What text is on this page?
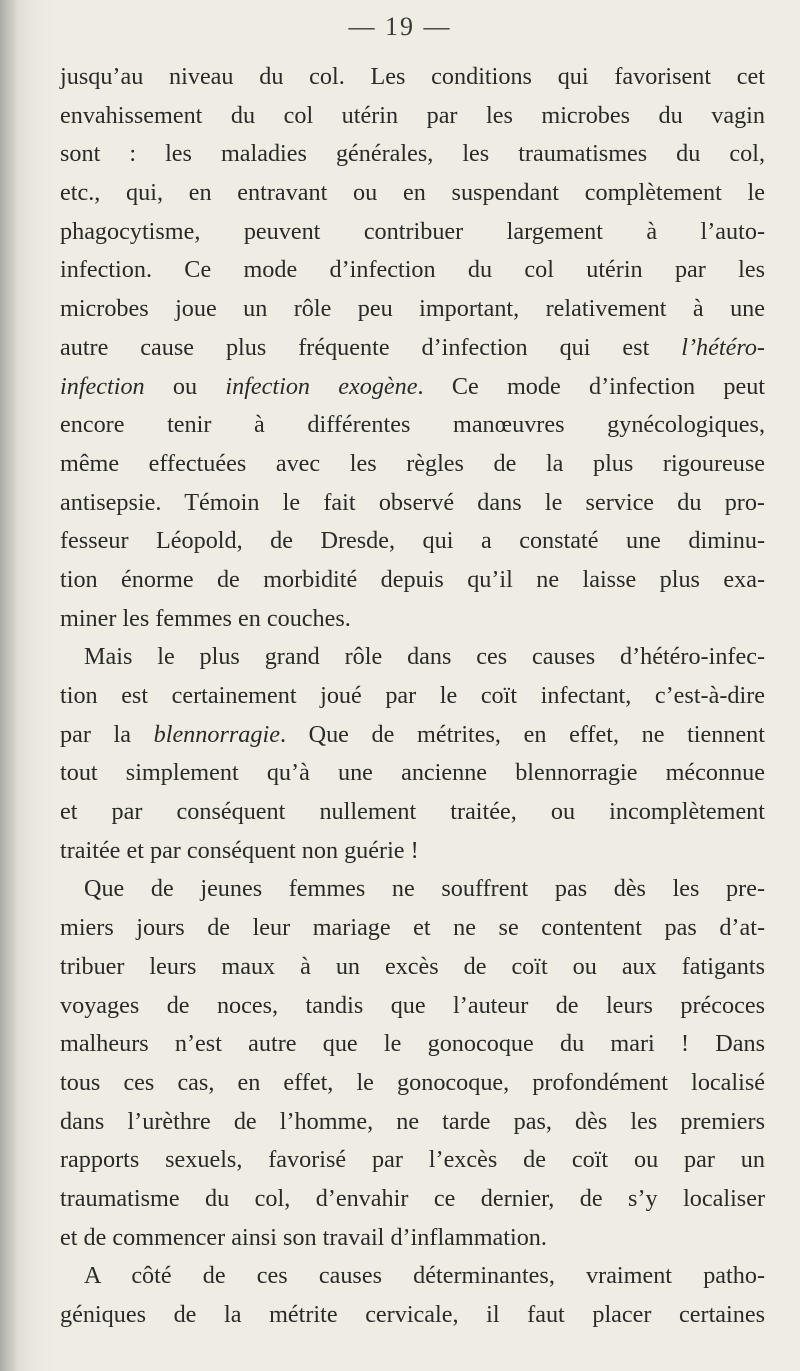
— 19 —
jusqu’au niveau du col. Les conditions qui favorisent cet
envahissement du col utérin par les microbes du vagin
sont : les maladies générales, les traumatismes du col,
etc., qui, en entravant ou en suspendant complètement le
phagocytisme, peuvent contribuer largement à l’auto-
infection. Ce mode d’infection du col utérin par les
microbes joue un rôle peu important, relativement à une
autre cause plus fréquente d’infection qui est l’hétéro-
infection ou infection exogène. Ce mode d’infection peut
encore tenir à différentes manœuvres gynécologiques,
même effectuées avec les règles de la plus rigoureuse
antisepsie. Témoin le fait observé dans le service du pro-
fesseur Léopold, de Dresde, qui a constaté une diminu-
tion énorme de morbidité depuis qu’il ne laisse plus exa-
miner les femmes en couches.
Mais le plus grand rôle dans ces causes d’hétéro-infec-
tion est certainement joué par le coït infectant, c’est-à-dire
par la blennorragie. Que de métrites, en effet, ne tiennent
tout simplement qu’à une ancienne blennorragie méconnue
et par conséquent nullement traitée, ou incomplètement
traitée et par conséquent non guérie !
Que de jeunes femmes ne souffrent pas dès les pre-
miers jours de leur mariage et ne se contentent pas d’at-
tribuer leurs maux à un excès de coït ou aux fatigants
voyages de noces, tandis que l’auteur de leurs précoces
malheurs n’est autre que le gonocoque du mari ! Dans
tous ces cas, en effet, le gonocoque, profondément localisé
dans l’urèthre de l’homme, ne tarde pas, dès les premiers
rapports sexuels, favorisé par l’excès de coït ou par un
traumatisme du col, d’envahir ce dernier, de s’y localiser
et de commencer ainsi son travail d’inflammation.
A côté de ces causes déterminantes, vraiment patho-
géniques de la métrite cervicale, il faut placer certaines
